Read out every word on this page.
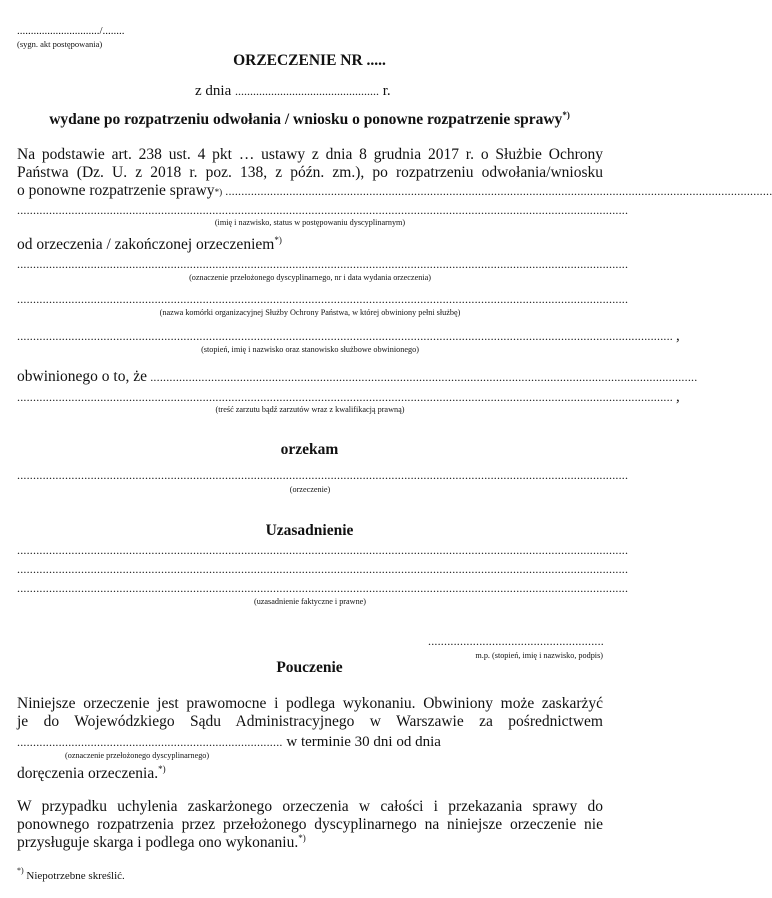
............................../........
(sygn. akt postępowania)
ORZECZENIE NR .....
z dnia ................................................ r.
wydane po rozpatrzeniu odwołania / wniosku o ponowne rozpatrzenie sprawy*)
Na podstawie art. 238 ust. 4 pkt … ustawy z dnia 8 grudnia 2017 r. o Służbie Ochrony
Państwa (Dz. U. z 2018 r. poz. 138, z późn. zm.), po rozpatrzeniu odwołania/wniosku
o ponowne rozpatrzenie sprawy *) ...........................................................................................................................................................................
...............................................................................................................................................................................................
(imię i nazwisko, status w postępowaniu dyscyplinarnym)
od orzeczenia / zakończonej orzeczeniem*)
...............................................................................................................................................................................................
(oznaczenie przełożonego dyscyplinarnego, nr i data wydania orzeczenia)
...............................................................................................................................................................................................
(nazwa komórki organizacyjnej Służby Ochrony Państwa, w której obwiniony pełni służbę)
............................................................................................................................................................................................................. ,
(stopień, imię i nazwisko oraz stanowisko służbowe obwinionego)
obwinionego o to, że ...........................................................................................................................................................................
............................................................................................................................................................................................................. ,
(treść zarzutu bądź zarzutów wraz z kwalifikacją prawną)
orzekam
...............................................................................................................................................................................................
(orzeczenie)
Uzasadnienie
...............................................................................................................................................................................................
...............................................................................................................................................................................................
...............................................................................................................................................................................................
(uzasadnienie faktyczne i prawne)
.......................................................
m.p. (stopień, imię i nazwisko, podpis)
Pouczenie
Niniejsze orzeczenie jest prawomocne i podlega wykonaniu. Obwiniony może zaskarżyć
je do Wojewódzkiego Sądu Administracyjnego w Warszawie za pośrednictwem
................................................................................... w terminie 30 dni od dnia
(oznaczenie przełożonego dyscyplinarnego)
doręczenia orzeczenia.*)
W przypadku uchylenia zaskarżonego orzeczenia w całości i przekazania sprawy do
ponownego rozpatrzenia przez przełożonego dyscyplinarnego na niniejsze orzeczenie nie
przysługuje skarga i podlega ono wykonaniu.*)
*) Niepotrzebne skreślić.
